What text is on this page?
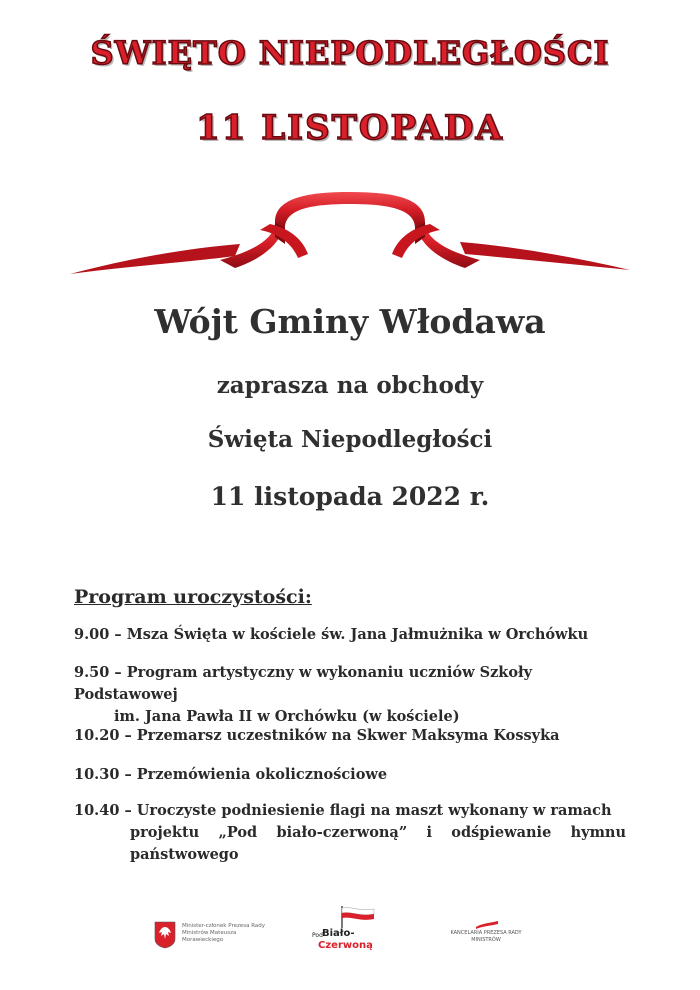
ŚWIĘTO NIEPODLEGŁOŚCI
11 LISTOPADA
Wójt Gminy Włodawa
zaprasza na obchody
Święta Niepodległości
11 listopada 2022 r.
Program uroczystości:
9.00 – Msza Święta w kościele św. Jana Jałmużnika w Orchówku
9.50 – Program artystyczny w wykonaniu uczniów Szkoły Podstawowej
im. Jana Pawła II w Orchówku (w kościele)
10.20 – Przemarsz uczestników na Skwer Maksyma Kossyka
10.30 – Przemówienia okolicznościowe
10.40 – Uroczyste podniesienie flagi na maszt wykonany w ramach
projektu „Pod biało-czerwoną” i odśpiewanie hymnu
państwowego
Minister-członek Prezesa Rady Ministrów Mateusza Morawieckiego
Pod Biało-
Czerwoną
KANCELARIA PREZESA RADY MINISTRÓW
